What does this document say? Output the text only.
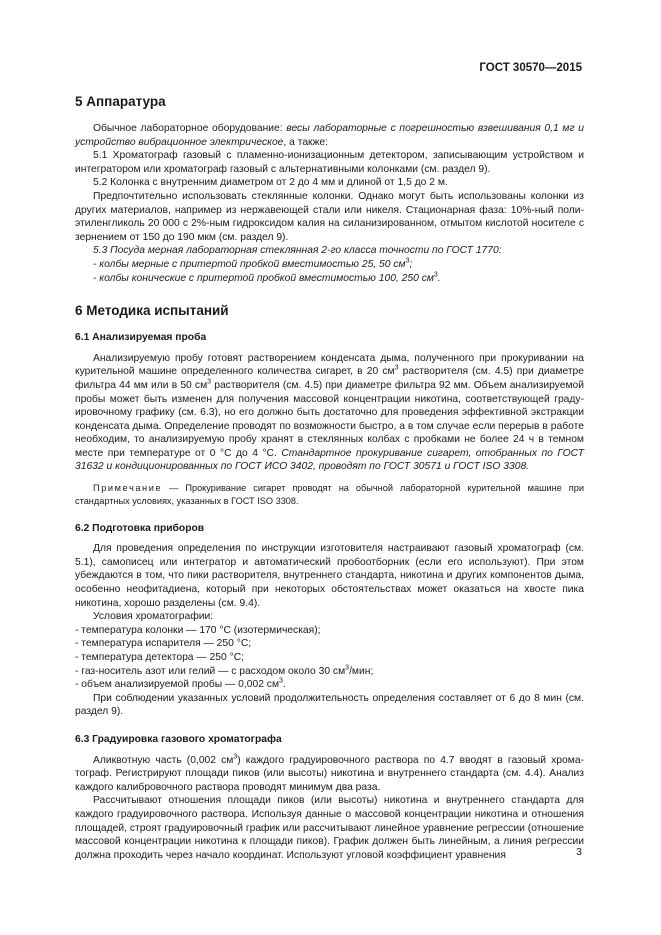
ГОСТ 30570—2015
5 Аппаратура

Обычное лабораторное оборудование: весы лабораторные с погрешностью взвешивания 0,1 мг и устройство вибрационное электрическое, а также:

5.1 Хроматограф газовый с пламенно-ионизационным детектором, записывающим устройством и интегратором или хроматограф газовый с альтернативными колонками (см. раздел 9).

5.2 Колонка с внутренним диаметром от 2 до 4 мм и длиной от 1,5 до 2 м.

Предпочтительно использовать стеклянные колонки. Однако могут быть использованы колонки из других материалов, например из нержавеющей стали или никеля. Стационарная фаза: 10%-ный полиэтиленгликоль 20 000 с 2%-ным гидроксидом калия на силанизированном, отмытом кислотой носителе с зернением от 150 до 190 мкм (см. раздел 9).

5.3 Посуда мерная лабораторная стеклянная 2-го класса точности по ГОСТ 1770:

- колбы мерные с притертой пробкой вместимостью 25, 50 $см^3$;

- колбы конические с притертой пробкой вместимостью 100, 250 $см^3$.

6 Методика испытаний
6.1 Анализируемая проба

Анализируемую пробу готовят растворением конденсата дыма, полученного при прокуривании на курительной машине определенного количества сигарет, в 20 $см^3$ растворителя (см. 4.5) при диаметре фильтра 44 мм или в 50 $см^3$ растворителя (см. 4.5) при диаметре фильтра 92 мм. Объем анализируемой пробы может быть изменен для получения массовой концентрации никотина, соответствующей градуировочному графику (см. 6.3), но его должно быть достаточно для проведения эффективной экстракции конденсата дыма. Определение проводят по возможности быстро, а в том случае если перерыв в работе необходим, то анализируемую пробу хранят в стеклянных колбах с пробками не более 24 ч в темном месте при температуре от 0 °C до 4 °C. Стандартное прокуривание сигарет, отобранных по ГОСТ 31632 и кондиционированных по ГОСТ ИСО 3402, проводят по ГОСТ 30571 и ГОСТ ISO 3308.

Примечание — Прокуривание сигарет проводят на обычной лабораторной курительной машине при стандартных условиях, указанных в ГОСТ ISO 3308.

6.2 Подготовка приборов

Для проведения определения по инструкции изготовителя настраивают газовый хроматограф (см. 5.1), самописец или интегратор и автоматический пробоотборник (если его используют). При этом убеждаются в том, что пики растворителя, внутреннего стандарта, никотина и других компонентов дыма, особенно неофитадиена, который при некоторых обстоятельствах может оказаться на хвосте пика никотина, хорошо разделены (см. 9.4).

Условия хроматографии:

- температура колонки — 170 °C (изотермическая);

- температура испарителя — 250 °C;

- температура детектора — 250 °C;

- газ-носитель азот или гелий — с расходом около 30 $см^3$/мин;

- объем анализируемой пробы — 0,002 $см^3$.

При соблюдении указанных условий продолжительность определения составляет от 6 до 8 мин (см. раздел 9).

6.3 Градуировка газового хроматографа

Аликвотную часть (0,002 $см^3$) каждого градуировочного раствора по 4.7 вводят в газовый хроматограф. Регистрируют площади пиков (или высоты) никотина и внутреннего стандарта (см. 4.4). Анализ каждого калибровочного раствора проводят минимум два раза.

Рассчитывают отношения площади пиков (или высоты) никотина и внутреннего стандарта для каждого градуировочного раствора. Используя данные о массовой концентрации никотина и отношения площадей, строят градуировочный график или рассчитывают линейное уравнение регрессии (отношение массовой концентрации никотина к площади пиков). График должен быть линейным, а линия регрессии должна проходить через начало координат. Используют угловой коэффициент уравнения	3
